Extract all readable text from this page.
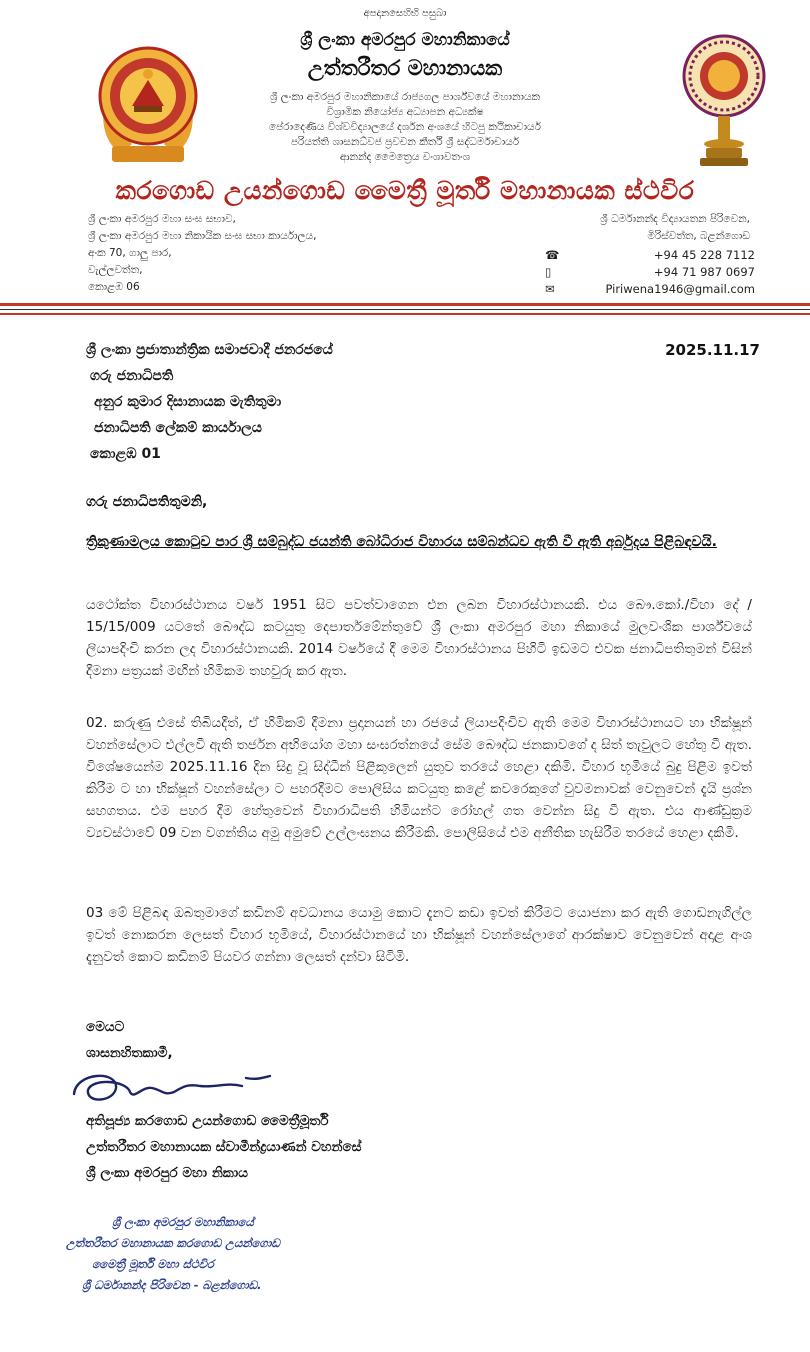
අපදානසෙහිභි පසුබා
ශ්‍රී ලංකා අමරපුර මහානිකායේ
උත්තරීතර මහානායක
ශ්‍රී ලංකා අමරපුර මහානිකායේ රාජ්‍යගල පාර්ශ්වයේ මහානායක
විශ්‍රාමික නියෝජ්‍ය අධ්‍යාපන අධ්‍යක්ෂ
පේරාදෙණිය විශ්වවිද්‍යාලයේ දර්ශන අංශයේ හිටපු කථිකාචාර්ය
පරියත්ති ශාසනධ්වජ ප්‍රවචන කීර්ති ශ්‍රී සද්ධර්මාචාර්ය
ආනන්ද මෛත්‍රෙය වංශාවතංශ
කරගොඩ උයන්ගොඩ මෛත්‍රී මූර්ති මහානායක ස්ථවිර
ශ්‍රී ලංකා අමරපුර මහා සංඝ සභාව,
ශ්‍රී ලංකා අමරපුර මහා නිකායික සංඝ සභා කාර්යාලය,
අංක 70, ගාලු පාර,
වැල්ලවත්ත,
කොළඹ 06
ශ්‍රී ධර්මානන්ද විද්‍යායතන පිරිවෙන,
මිරිස්වත්ත, බළන්ගොඩ
☎	+94 45 228 7112
▯	+94 71 987 0697
✉	Piriwena1946@gmail.com
ශ්‍රී ලංකා ප්‍රජාතාන්ත්‍රික සමාජවාදී ජනරජයේ
ගරු ජනාධිපති
අනුර කුමාර දිසානායක මැතිතුමා
ජනාධිපති ලේකම් කාර්යාලය
කොළඹ 01
2025.11.17
ගරු ජනාධිපතිතුමනි,
ත්‍රිකුණාමලය කොටුව පාර ශ්‍රී සම්බුද්ධ ජයන්ති බෝධිරාජ විහාරය සම්බන්ධව ඇති වී ඇති අර්බුදය පිළිබඳවයි.
යථෝක්ත විහාරස්ථානය වර්ෂ 1951 සිට පවත්වාගෙන එන ලබන විහාරස්ථානයකි. එය බෞ.කෝ./විහා දේ / 15/15/009 යටතේ බෞද්ධ කටයුතු දෙපාර්තමේන්තුවේ ශ්‍රී ලංකා අමරපුර මහා නිකායේ මුලවංශික පාර්ශ්වයේ ලියාපදිංචි කරන ලද විහාරස්ථානයකි. 2014 වර්ෂයේ දී මෙම විහාරස්ථානය පිහිටි ඉඩමට එවක ජනාධිපතිතුමන් විසින් දීමනා පත්‍රයක් මඟින් හිමිකම තහවුරු කර ඇත.
02. කරුණු එසේ තිබියදීත්, ඒ හිමිකම් දීමනා ප්‍රදානයන් හා රජයේ ලියාපදිංචිව ඇති මෙම විහාරස්ථානයට හා භික්ෂූන් වහන්සේලාට එල්ලවී ඇති තර්ජන අභියෝග මහා සංඝරත්නයේ සේම බෞද්ධ ජනකාවගේ ද සිත් තැවුලට හේතු වී ඇත. විශේෂයෙන්ම 2025.11.16 දින සිදු වූ සිද්ධීන් පිළිකුලෙන් යුතුව තරයේ හෙළා දකිමි. විහාර භූමියේ බුදු පිළිම ඉවත් කිරීම ට හා භික්ෂූන් වහන්සේලා ට පහරදීමට පොලිසිය කටයුතු කළේ කවරෙකුගේ වුවමනාවක් වෙනුවෙන් දැයි ප්‍රශ්න සහගතය. එම පහර දීම හේතුවෙන් විහාරාධිපති හිමියන්ට රෝහල් ගත වෙන්න සිදු වී ඇත. එය ආණ්ඩුක්‍රම ව්‍යවස්ථාවේ 09 වන වගන්තිය අමු අමුවේ උල්ලංඝනය කිරීමකි. පොලිසියේ එම අනීතික හැසිරීම තරයේ හෙළා දකිමි.
03 මේ පිළිබඳ ඔබතුමාගේ කඩිනම් අවධානය යොමු කොට දැනට කඩා ඉවත් කිරීමට යොජනා කර ඇති ගොඩනැගිල්ල ඉවත් නොකරන ලෙසත් විහාර භූමියේ, විහාරස්ථානයේ හා භික්ෂූන් වහන්සේලාගේ ආරක්ෂාව වෙනුවෙන් අදාළ අංශ දැනුවත් කොට කඩිනම් පියවර ගන්නා ලෙසත් දන්වා සිටිමි.
මෙයට
ශාසනහිතකාමී,
අතිපූජ්‍ය කරගොඩ උයන්ගොඩ මෛත්‍රීමූර්ති
උත්තරීතර මහානායක ස්වාමීන්ද්‍රයාණන් වහන්සේ
ශ්‍රී ලංකා අමරපුර මහා නිකාය
ශ්‍රී ලංකා අමරපුර මහානිකායේ
උත්තරීතර මහානායක කරගොඩ උයන්ගොඩ
මෛත්‍රී මූර්ති මහා ස්ථවිර
ශ්‍රී ධර්මානන්ද පිරිවෙන - බළන්ගොඩ.
